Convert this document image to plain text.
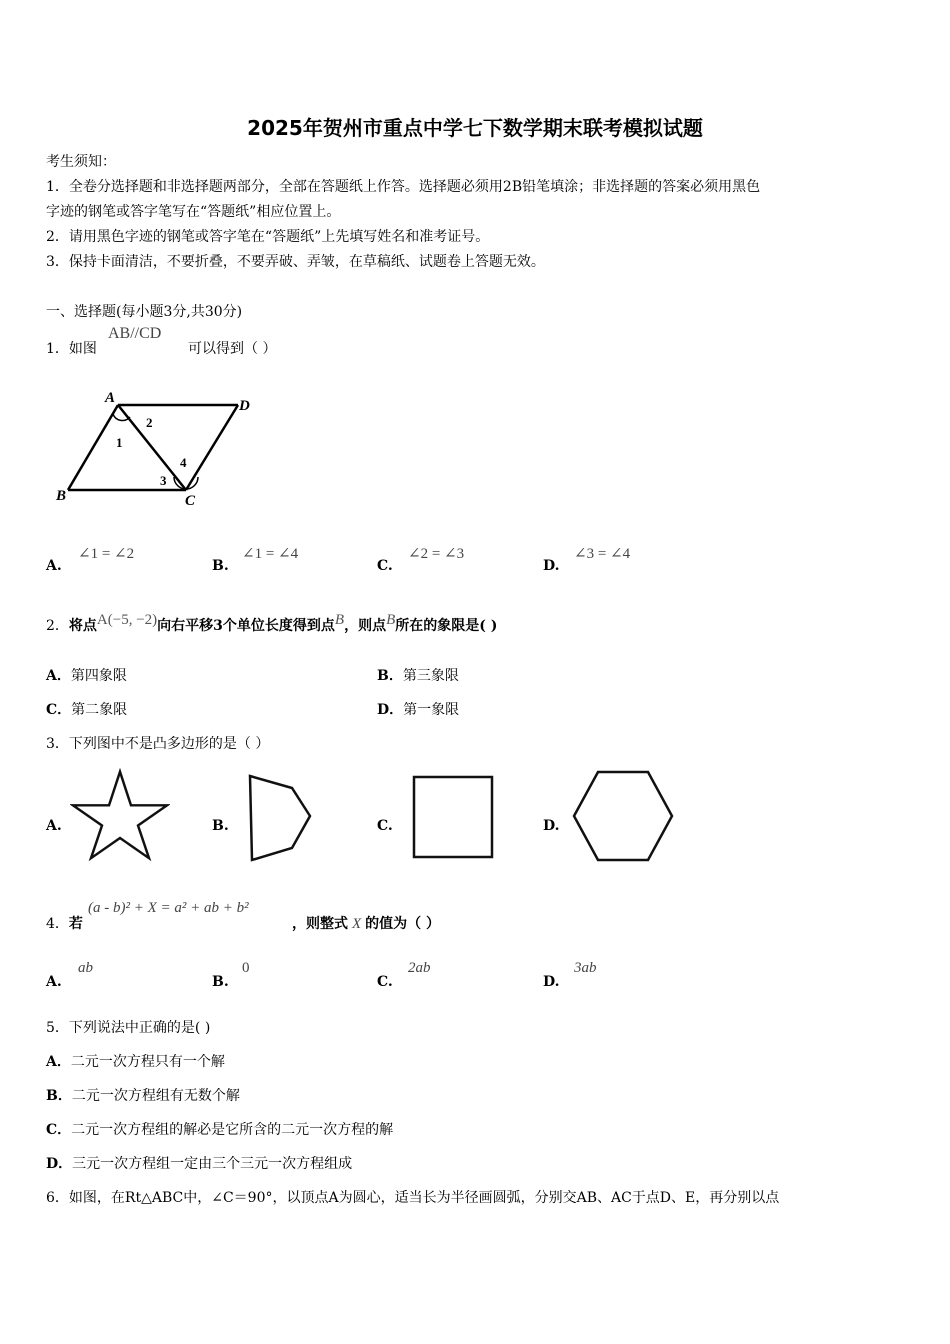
2025年贺州市重点中学七下数学期末联考模拟试题
考生须知：
1．全卷分选择题和非选择题两部分，全部在答题纸上作答。选择题必须用2B铅笔填涂；非选择题的答案必须用黑色
字迹的钢笔或答字笔写在“答题纸”相应位置上。
2．请用黑色字迹的钢笔或答字笔在“答题纸”上先填写姓名和准考证号。
3．保持卡面清洁，不要折叠，不要弄破、弄皱，在草稿纸、试题卷上答题无效。
一、选择题(每小题3分,共30分)
1．如图
AB//CD
可以得到（ ）
A	D
B	C
1
2
3
4
A.
∠1 = ∠2
B.
∠1 = ∠4
C.
∠2 = ∠3
D.
∠3 = ∠4
2．将点A(−5, −2)向右平移3个单位长度得到点B，则点B所在的象限是( )
A．第四象限	B．第三象限
C．第二象限	D．第一象限
3．下列图中不是凸多边形的是（ ）
A.	B.	C.	D.
4．若
(a - b)² + X = a² + ab + b²
，则整式 X 的值为（ ）
A.
ab
B.
0
C.
2ab
D.
3ab
5．下列说法中正确的是( )
A．二元一次方程只有一个解
B．二元一次方程组有无数个解
C．二元一次方程组的解必是它所含的二元一次方程的解
D．三元一次方程组一定由三个三元一次方程组成
6．如图，在Rt△ABC中，∠C＝90°，以顶点A为圆心，适当长为半径画圆弧，分别交AB、AC于点D、E，再分别以点
